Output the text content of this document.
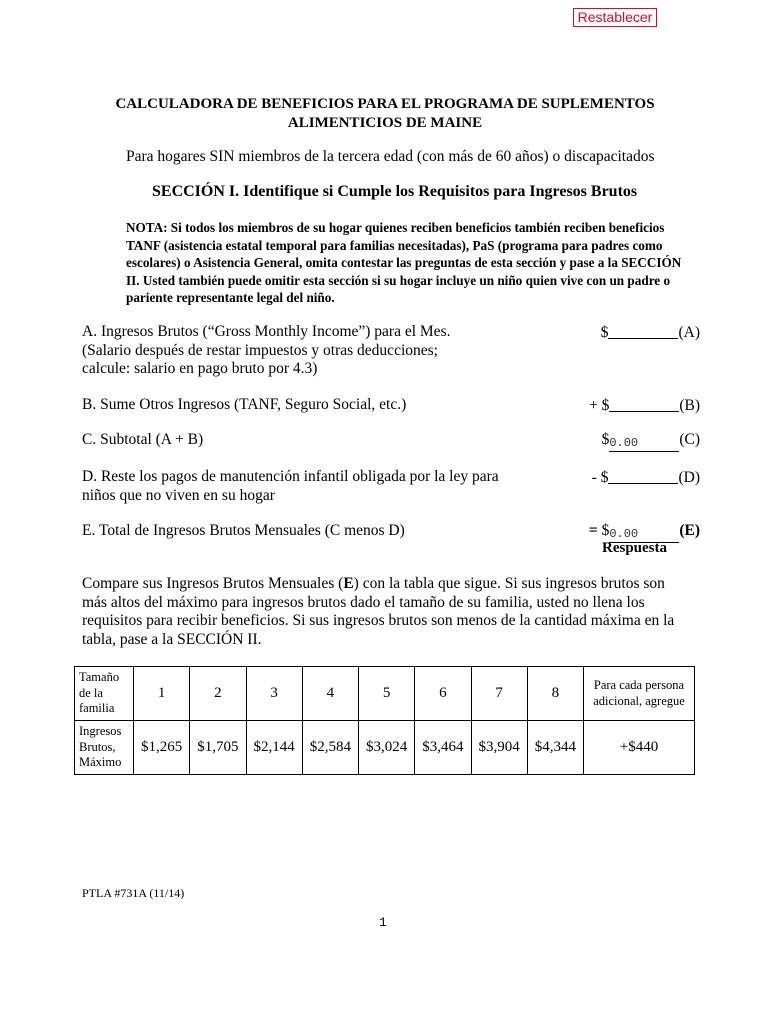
Restablecer
CALCULADORA DE BENEFICIOS PARA EL PROGRAMA DE SUPLEMENTOS
ALIMENTICIOS DE MAINE
Para hogares SIN miembros de la tercera edad (con más de 60 años) o discapacitados
SECCIÓN I. Identifique si Cumple los Requisitos para Ingresos Brutos
NOTA: Si todos los miembros de su hogar quienes reciben beneficios también reciben beneficios TANF (asistencia estatal temporal para familias necesitadas), PaS (programa para padres como escolares) o Asistencia General, omita contestar las preguntas de esta sección y pase a la SECCIÓN II. Usted también puede omitir esta sección si su hogar incluye un niño quien vive con un padre o pariente representante legal del niño.
A. Ingresos Brutos (“Gross Monthly Income”) para el Mes.
(Salario después de restar impuestos y otras deducciones;
calcule: salario en pago bruto por 4.3)
$	(A)
B. Sume Otros Ingresos (TANF, Seguro Social, etc.)	+ $	(B)
C. Subtotal (A + B)	$0.00	(C)
D. Reste los pagos de manutención infantil obligada por la ley para
niños que no viven en su hogar
- $	(D)
E. Total de Ingresos Brutos Mensuales (C menos D)	= $0.00	(E)
Respuesta
Compare sus Ingresos Brutos Mensuales (E) con la tabla que sigue. Si sus ingresos brutos son más altos del máximo para ingresos brutos dado el tamaño de su familia, usted no llena los requisitos para recibir beneficios. Si sus ingresos brutos son menos de la cantidad máxima en la tabla, pase a la SECCIÓN II.
Tamaño de la familia	1	2	3	4	5	6	7	8	Para cada persona adicional, agregue
Ingresos Brutos, Máximo	$1,265	$1,705	$2,144	$2,584	$3,024	$3,464	$3,904	$4,344	+$440
PTLA #731A (11/14)
1
